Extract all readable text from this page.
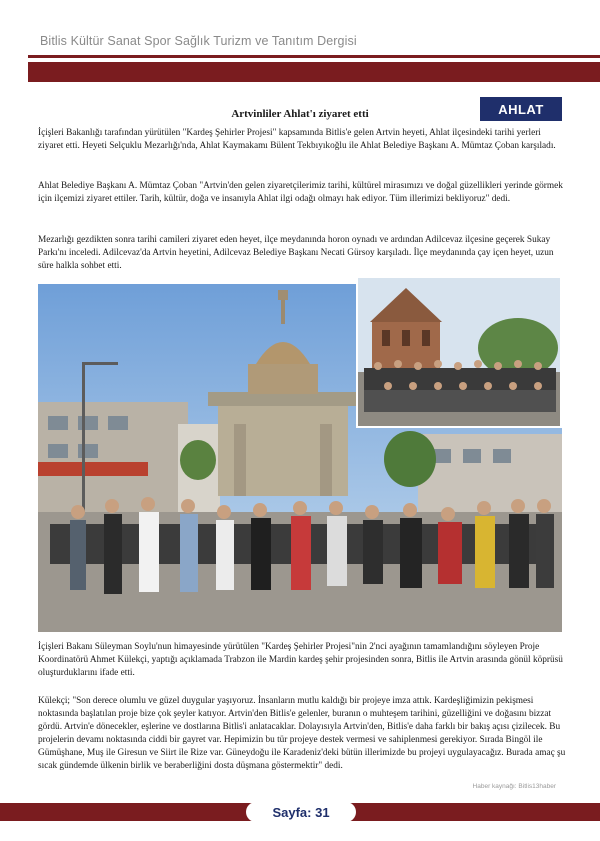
Bitlis Kültür Sanat Spor Sağlık Turizm ve Tanıtım Dergisi
Artvinliler Ahlat'ı ziyaret etti	AHLAT

İçişleri Bakanlığı tarafından yürütülen "Kardeş Şehirler Projesi" kapsamında Bitlis'e gelen Artvin heyeti, Ahlat ilçesindeki tarihi yerleri ziyaret etti. Heyeti Selçuklu Mezarlığı'nda, Ahlat Kaymakamı Bülent Tekbıyıkoğlu ile Ahlat Belediye Başkanı A. Mümtaz Çoban karşıladı.

Ahlat Belediye Başkanı A. Mümtaz Çoban "Artvin'den gelen ziyaretçilerimiz tarihi, kültürel mirasımızı ve doğal güzellikleri yerinde görmek için ilçemizi ziyaret ettiler. Tarih, kültür, doğa ve insanıyla Ahlat ilgi odağı olmayı hak ediyor. Tüm illerimizi bekliyoruz" dedi.

Mezarlığı gezdikten sonra tarihi camileri ziyaret eden heyet, ilçe meydanında horon oynadı ve ardından Adilcevaz ilçesine geçerek Sukay Parkı'nı inceledi. Adilcevaz'da Artvin heyetini, Adilcevaz Belediye Başkanı Necati Gürsoy karşıladı. İlçe meydanında çay içen heyet, uzun süre halkla sohbet etti.

İçişleri Bakanı Süleyman Soylu'nun himayesinde yürütülen "Kardeş Şehirler Projesi"nin 2'nci ayağının tamamlandığını söyleyen Proje Koordinatörü Ahmet Külekçi, yaptığı açıklamada Trabzon ile Mardin kardeş şehir projesinden sonra, Bitlis ile Artvin arasında gönül köprüsü oluşturduklarını ifade etti.

Külekçi; "Son derece olumlu ve güzel duygular yaşıyoruz. İnsanların mutlu kaldığı bir projeye imza attık. Kardeşliğimizin pekişmesi noktasında başlatılan proje bize çok şeyler katıyor. Artvin'den Bitlis'e gelenler, buranın o muhteşem tarihini, güzelliğini ve doğasını bizzat gördü. Artvin'e dönecekler, eşlerine ve dostlarına Bitlis'i anlatacaklar. Dolayısıyla Artvin'den, Bitlis'e daha farklı bir bakış açısı çizilecek. Bu projelerin devamı noktasında ciddi bir gayret var. Hepimizin bu tür projeye destek vermesi ve sahiplenmesi gerekiyor. Sırada Bingöl ile Gümüşhane, Muş ile Giresun ve Siirt ile Rize var. Güneydoğu ile Karadeniz'deki bütün illerimizde bu projeyi uygulayacağız. Burada amaç şu sıcak gündemde ülkenin birlik ve beraberliğini dosta düşmana göstermektir" dedi.

Haber kaynağı: Bitlis13haber
Sayfa: 31
